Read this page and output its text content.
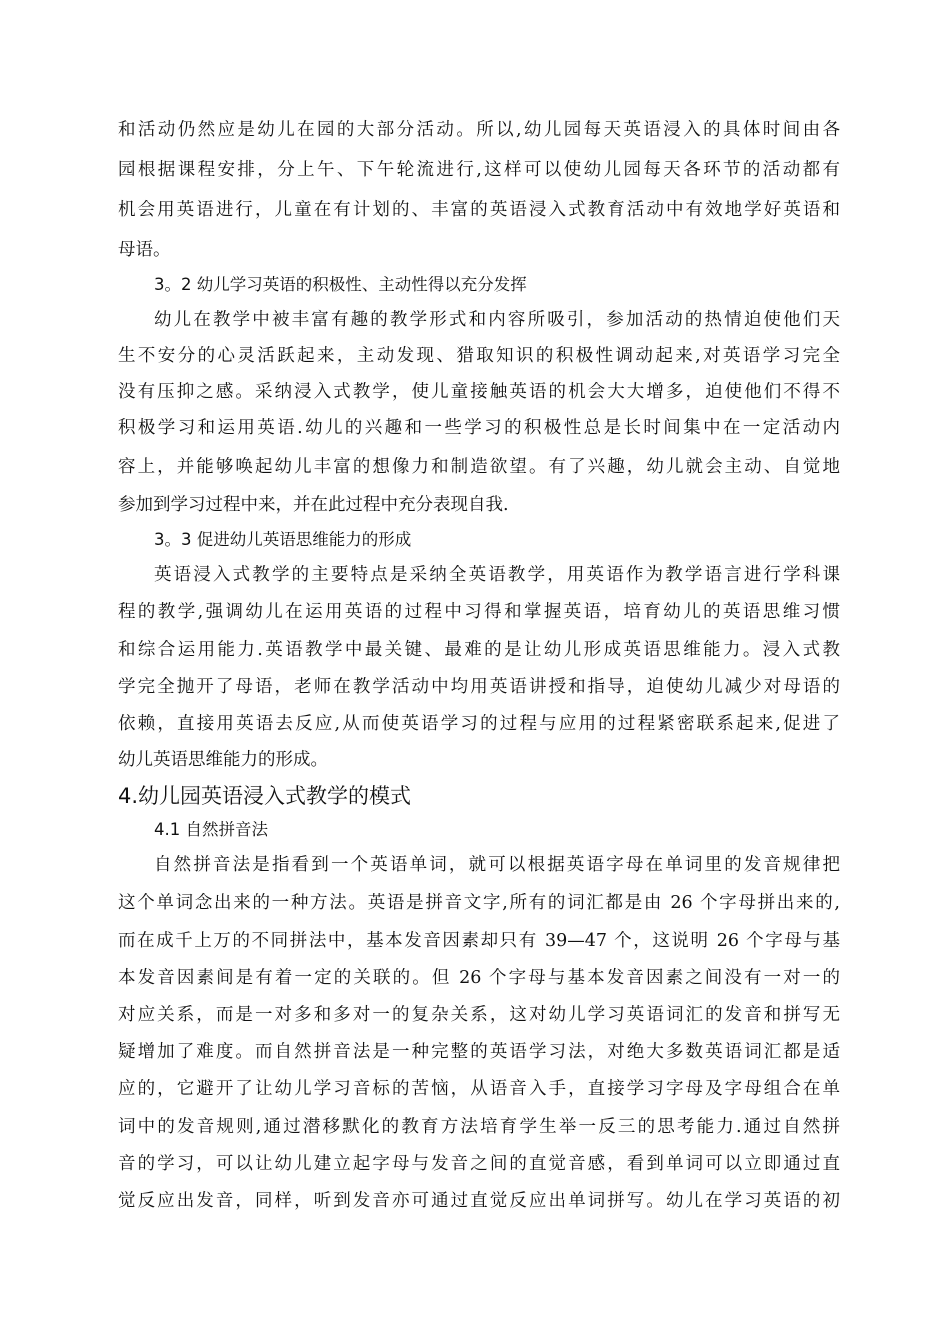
和活动仍然应是幼儿在园的大部分活动。所以,幼儿园每天英语浸入的具体时间由各
园根据课程安排，分上午、下午轮流进行,这样可以使幼儿园每天各环节的活动都有
机会用英语进行，儿童在有计划的、丰富的英语浸入式教育活动中有效地学好英语和
母语。
3。2 幼儿学习英语的积极性、主动性得以充分发挥
幼儿在教学中被丰富有趣的教学形式和内容所吸引，参加活动的热情迫使他们天
生不安分的心灵活跃起来，主动发现、猎取知识的积极性调动起来,对英语学习完全
没有压抑之感。采纳浸入式教学，使儿童接触英语的机会大大增多，迫使他们不得不
积极学习和运用英语.幼儿的兴趣和一些学习的积极性总是长时间集中在一定活动内
容上，并能够唤起幼儿丰富的想像力和制造欲望。有了兴趣，幼儿就会主动、自觉地
参加到学习过程中来，并在此过程中充分表现自我.
3。3 促进幼儿英语思维能力的形成
英语浸入式教学的主要特点是采纳全英语教学，用英语作为教学语言进行学科课
程的教学,强调幼儿在运用英语的过程中习得和掌握英语，培育幼儿的英语思维习惯
和综合运用能力.英语教学中最关键、最难的是让幼儿形成英语思维能力。浸入式教
学完全抛开了母语，老师在教学活动中均用英语讲授和指导，迫使幼儿减少对母语的
依赖，直接用英语去反应,从而使英语学习的过程与应用的过程紧密联系起来,促进了
幼儿英语思维能力的形成。
4.幼儿园英语浸入式教学的模式
4.1 自然拼音法
自然拼音法是指看到一个英语单词，就可以根据英语字母在单词里的发音规律把
这个单词念出来的一种方法。英语是拼音文字,所有的词汇都是由 26 个字母拼出来的,
而在成千上万的不同拼法中，基本发音因素却只有 39—47 个，这说明 26 个字母与基
本发音因素间是有着一定的关联的。但 26 个字母与基本发音因素之间没有一对一的
对应关系，而是一对多和多对一的复杂关系，这对幼儿学习英语词汇的发音和拼写无
疑增加了难度。而自然拼音法是一种完整的英语学习法，对绝大多数英语词汇都是适
应的，它避开了让幼儿学习音标的苦恼，从语音入手，直接学习字母及字母组合在单
词中的发音规则,通过潜移默化的教育方法培育学生举一反三的思考能力.通过自然拼
音的学习，可以让幼儿建立起字母与发音之间的直觉音感，看到单词可以立即通过直
觉反应出发音，同样，听到发音亦可通过直觉反应出单词拼写。幼儿在学习英语的初
